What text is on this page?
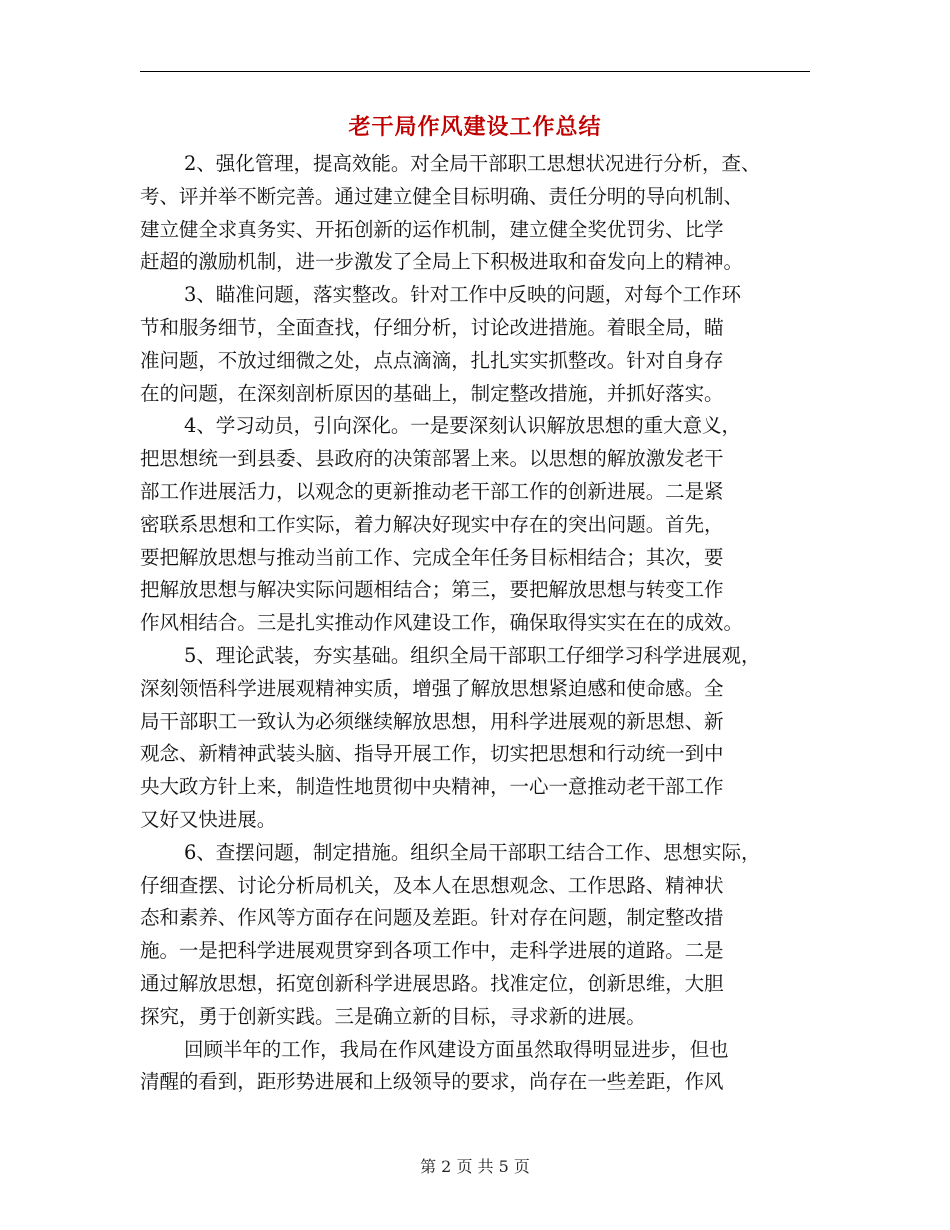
老干局作风建设工作总结
2、强化管理，提高效能。对全局干部职工思想状况进行分析，查、
考、评并举不断完善。通过建立健全目标明确、责任分明的导向机制、
建立健全求真务实、开拓创新的运作机制，建立健全奖优罚劣、比学
赶超的激励机制，进一步激发了全局上下积极进取和奋发向上的精神。
3、瞄准问题，落实整改。针对工作中反映的问题，对每个工作环
节和服务细节，全面查找，仔细分析，讨论改进措施。着眼全局，瞄
准问题，不放过细微之处，点点滴滴，扎扎实实抓整改。针对自身存
在的问题，在深刻剖析原因的基础上，制定整改措施，并抓好落实。
4、学习动员，引向深化。一是要深刻认识解放思想的重大意义，
把思想统一到县委、县政府的决策部署上来。以思想的解放激发老干
部工作进展活力，以观念的更新推动老干部工作的创新进展。二是紧
密联系思想和工作实际，着力解决好现实中存在的突出问题。首先，
要把解放思想与推动当前工作、完成全年任务目标相结合；其次，要
把解放思想与解决实际问题相结合；第三，要把解放思想与转变工作
作风相结合。三是扎实推动作风建设工作，确保取得实实在在的成效。
5、理论武装，夯实基础。组织全局干部职工仔细学习科学进展观，
深刻领悟科学进展观精神实质，增强了解放思想紧迫感和使命感。全
局干部职工一致认为必须继续解放思想，用科学进展观的新思想、新
观念、新精神武装头脑、指导开展工作，切实把思想和行动统一到中
央大政方针上来，制造性地贯彻中央精神，一心一意推动老干部工作
又好又快进展。
6、查摆问题，制定措施。组织全局干部职工结合工作、思想实际，
仔细查摆、讨论分析局机关，及本人在思想观念、工作思路、精神状
态和素养、作风等方面存在问题及差距。针对存在问题，制定整改措
施。一是把科学进展观贯穿到各项工作中，走科学进展的道路。二是
通过解放思想，拓宽创新科学进展思路。找准定位，创新思维，大胆
探究，勇于创新实践。三是确立新的目标，寻求新的进展。
回顾半年的工作，我局在作风建设方面虽然取得明显进步，但也
清醒的看到，距形势进展和上级领导的要求，尚存在一些差距，作风
第 2 页 共 5 页
